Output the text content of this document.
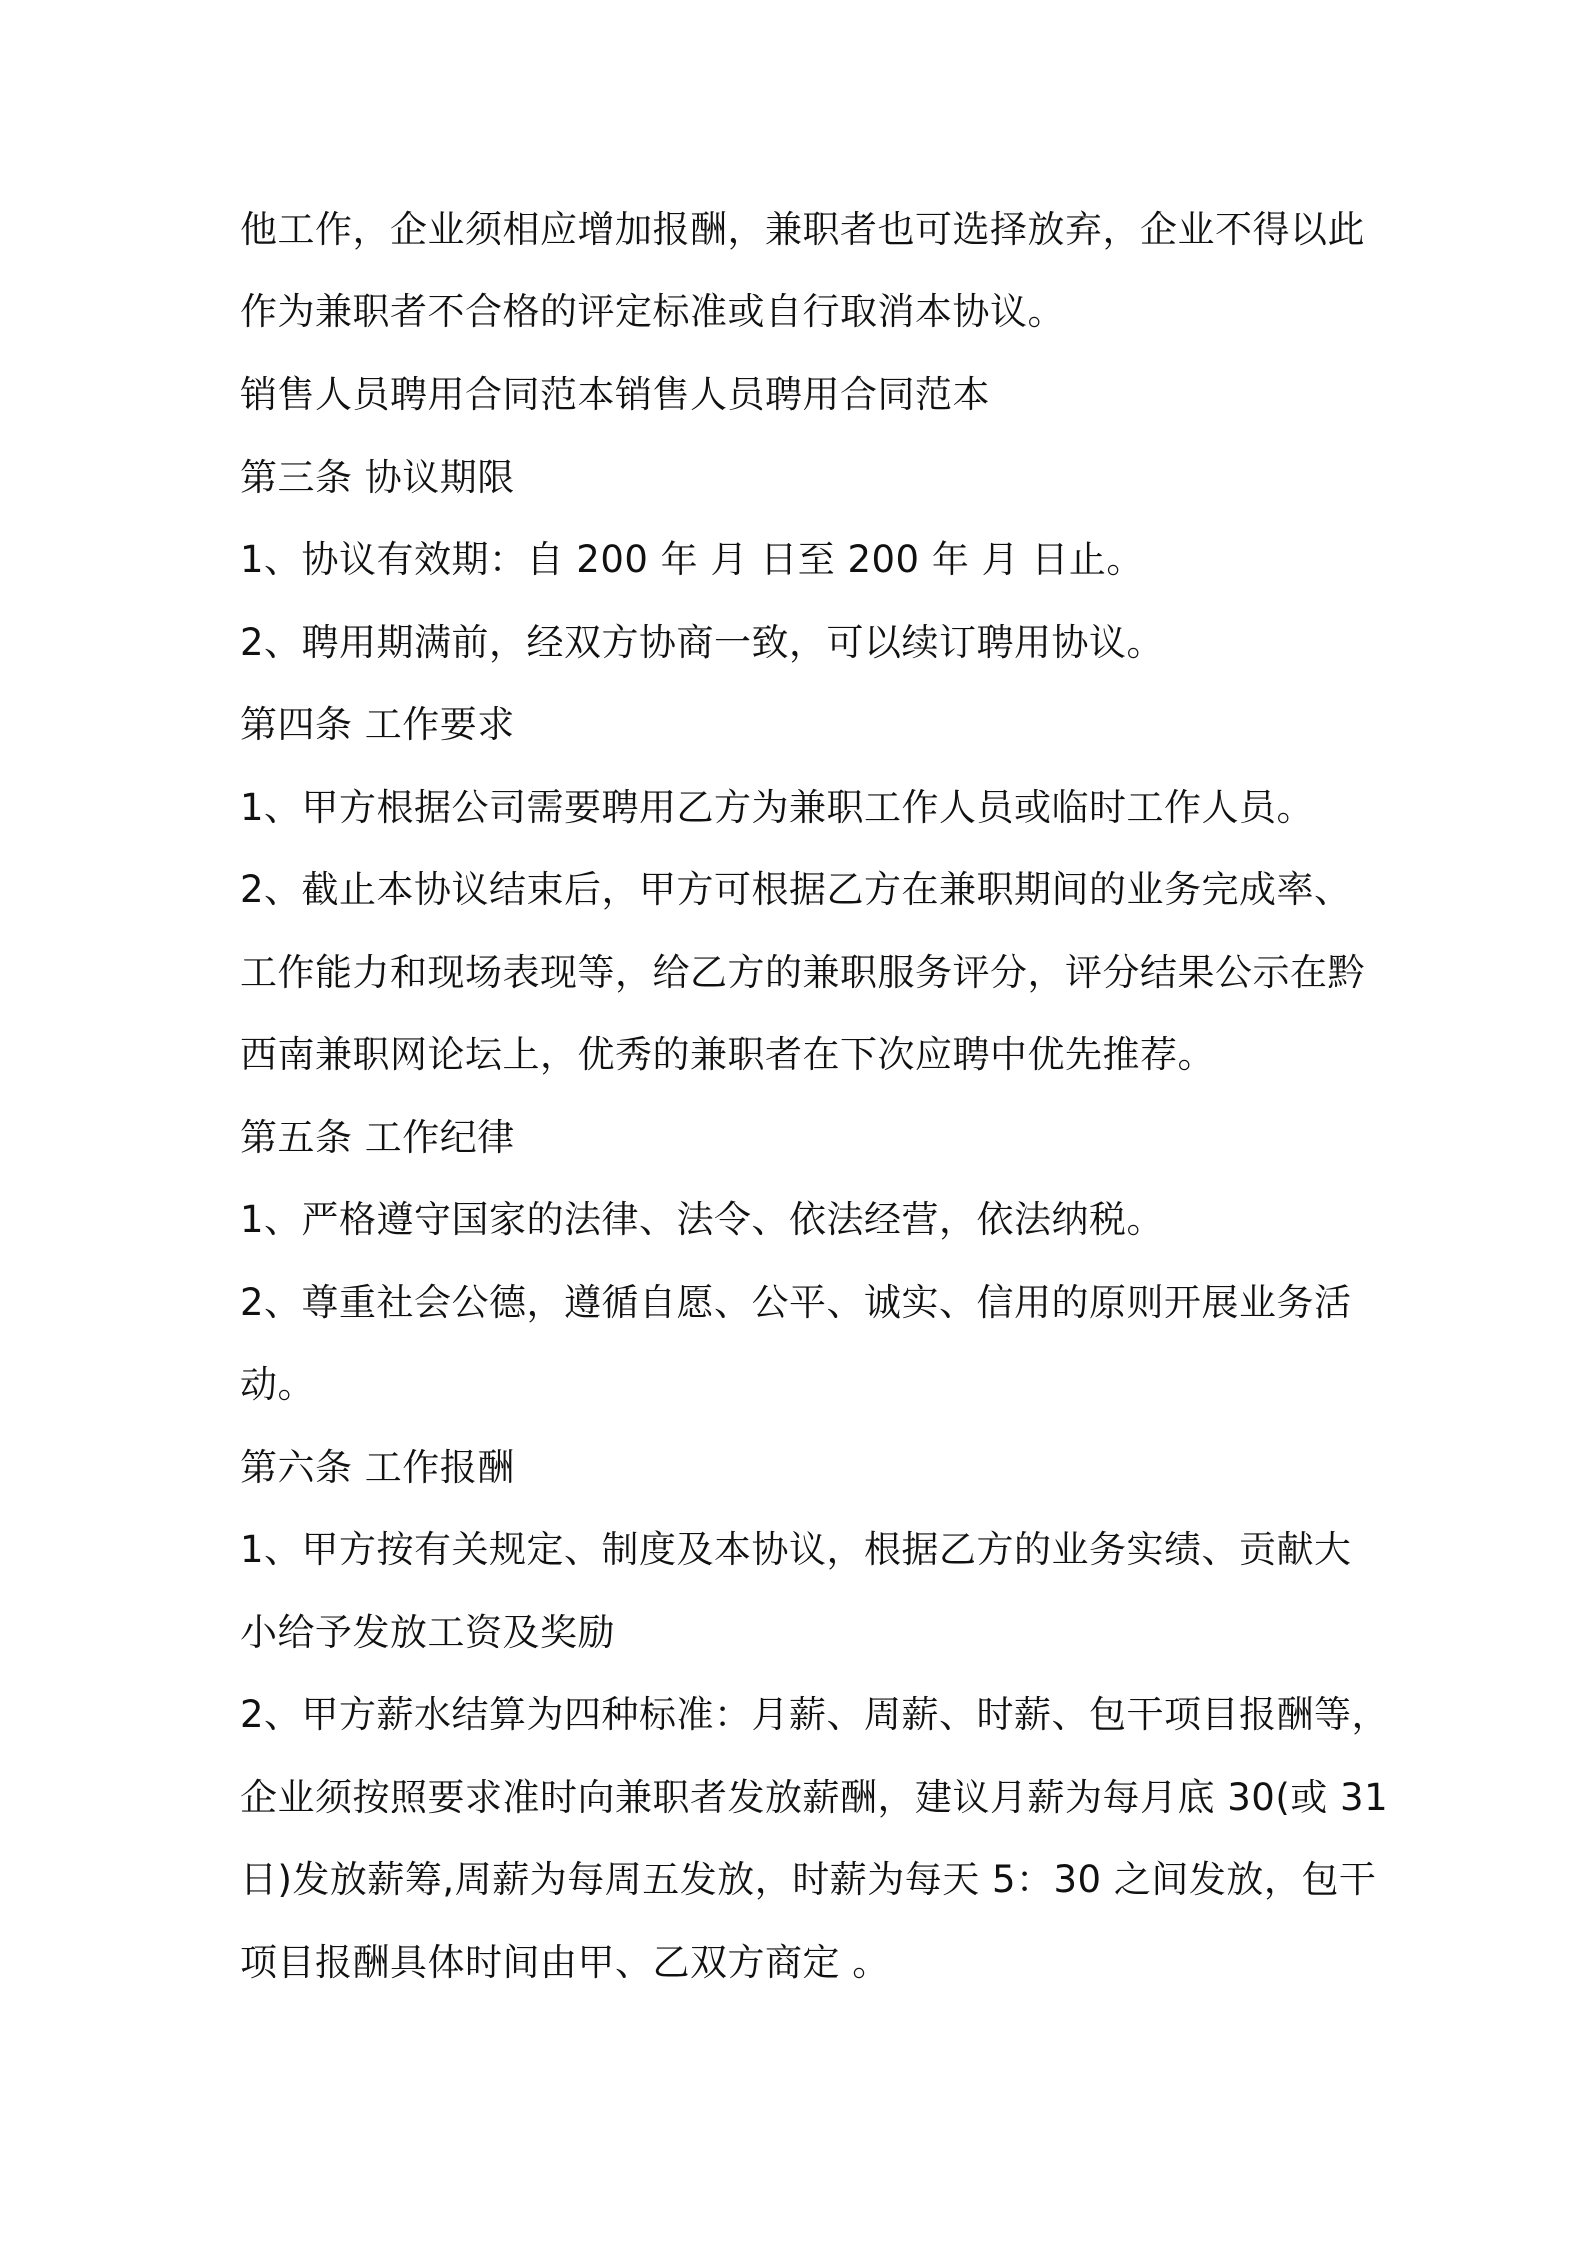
他工作，企业须相应增加报酬，兼职者也可选择放弃，企业不得以此
作为兼职者不合格的评定标准或自行取消本协议。
销售人员聘用合同范本销售人员聘用合同范本
第三条 协议期限
1、协议有效期：自 200 年 月 日至 200 年 月 日止。
2、聘用期满前，经双方协商一致，可以续订聘用协议。
第四条 工作要求
1、甲方根据公司需要聘用乙方为兼职工作人员或临时工作人员。
2、截止本协议结束后，甲方可根据乙方在兼职期间的业务完成率、
工作能力和现场表现等，给乙方的兼职服务评分，评分结果公示在黔
西南兼职网论坛上，优秀的兼职者在下次应聘中优先推荐。
第五条 工作纪律
1、严格遵守国家的法律、法令、依法经营，依法纳税。
2、尊重社会公德，遵循自愿、公平、诚实、信用的原则开展业务活
动。
第六条 工作报酬
1、甲方按有关规定、制度及本协议，根据乙方的业务实绩、贡献大
小给予发放工资及奖励
2、甲方薪水结算为四种标准：月薪、周薪、时薪、包干项目报酬等，
企业须按照要求准时向兼职者发放薪酬，建议月薪为每月底 30(或 31
日)发放薪筹,周薪为每周五发放，时薪为每天 5：30 之间发放，包干
项目报酬具体时间由甲、乙双方商定 。
